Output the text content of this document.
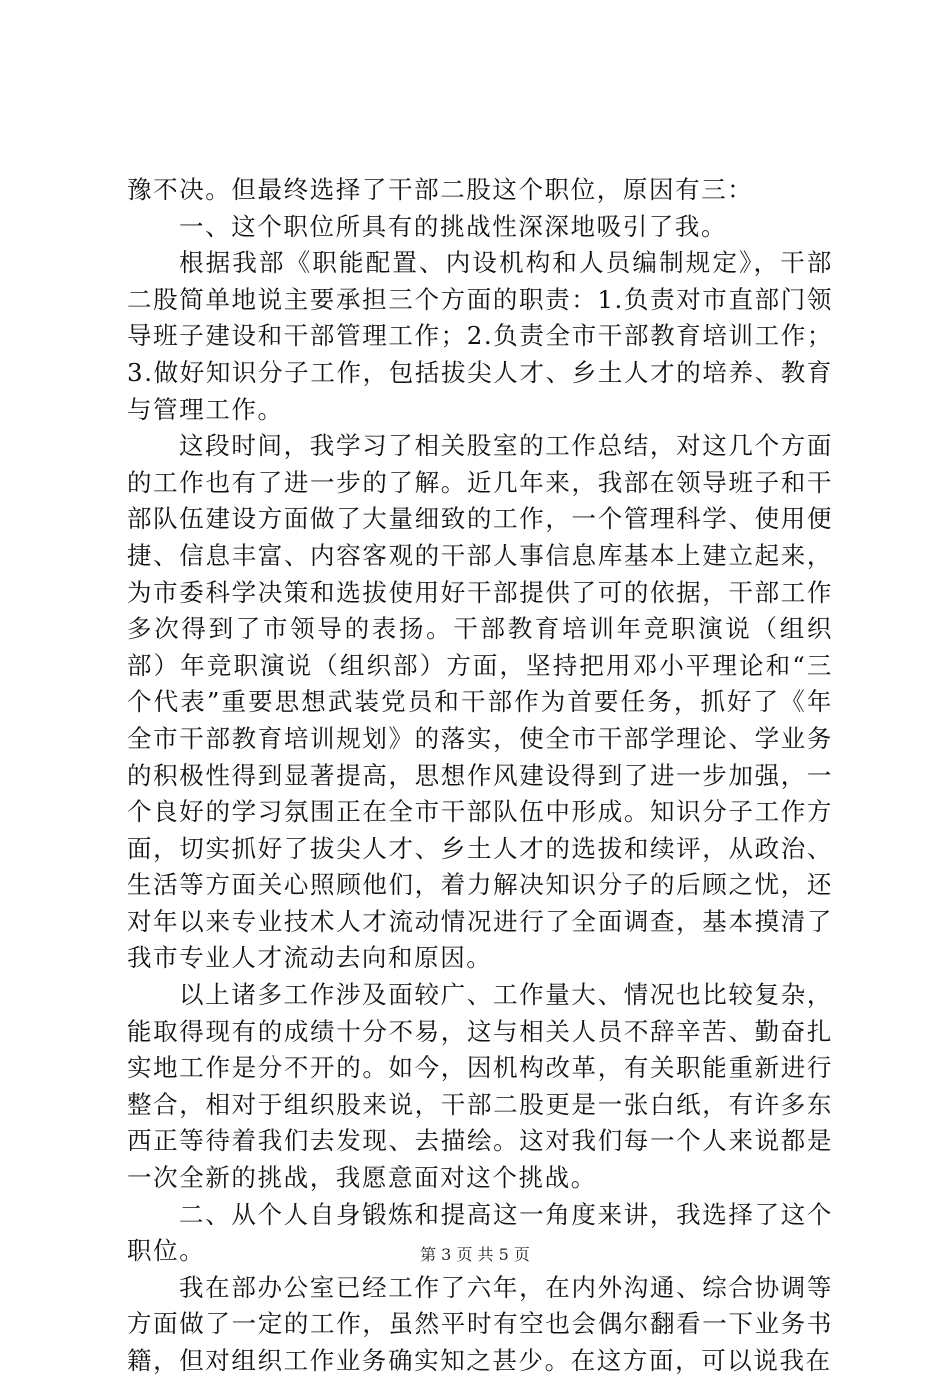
豫不决。但最终选择了干部二股这个职位，原因有三：

一、这个职位所具有的挑战性深深地吸引了我。

根据我部《职能配置、内设机构和人员编制规定》，干部二股简单地说主要承担三个方面的职责：1.负责对市直部门领导班子建设和干部管理工作；2.负责全市干部教育培训工作；3.做好知识分子工作，包括拔尖人才、乡土人才的培养、教育与管理工作。

这段时间，我学习了相关股室的工作总结，对这几个方面的工作也有了进一步的了解。近几年来，我部在领导班子和干部队伍建设方面做了大量细致的工作，一个管理科学、使用便捷、信息丰富、内容客观的干部人事信息库基本上建立起来，为市委科学决策和选拔使用好干部提供了可的依据，干部工作多次得到了市领导的表扬。干部教育培训年竞职演说（组织部）年竞职演说（组织部）方面，坚持把用邓小平理论和“三个代表”重要思想武装党员和干部作为首要任务，抓好了《年全市干部教育培训规划》的落实，使全市干部学理论、学业务的积极性得到显著提高，思想作风建设得到了进一步加强，一个良好的学习氛围正在全市干部队伍中形成。知识分子工作方面，切实抓好了拔尖人才、乡土人才的选拔和续评，从政治、生活等方面关心照顾他们，着力解决知识分子的后顾之忧，还对年以来专业技术人才流动情况进行了全面调查，基本摸清了我市专业人才流动去向和原因。

以上诸多工作涉及面较广、工作量大、情况也比较复杂，能取得现有的成绩十分不易，这与相关人员不辞辛苦、勤奋扎实地工作是分不开的。如今，因机构改革，有关职能重新进行整合，相对于组织股来说，干部二股更是一张白纸，有许多东西正等待着我们去发现、去描绘。这对我们每一个人来说都是一次全新的挑战，我愿意面对这个挑战。

二、从个人自身锻炼和提高这一角度来讲，我选择了这个职位。

我在部办公室已经工作了六年，在内外沟通、综合协调等方面做了一定的工作，虽然平时有空也会偶尔翻看一下业务书籍，但对组织工作业务确实知之甚少。在这方面，可以说我在

第 3 页 共 5 页
